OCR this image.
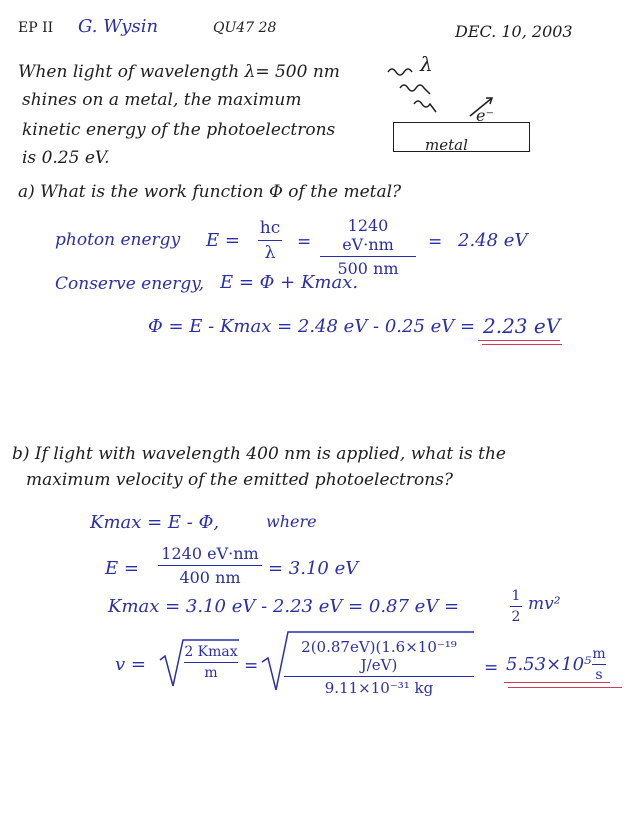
EP II G. Wysin	QU47 28	DEC. 10, 2003
When light of wavelength λ= 500 nm
shines on a metal, the maximum
kinetic energy of the photoelectrons
is 0.25 eV.
λ
e⁻
metal
a) What is the work function Φ of the metal?
photon energy E =
hc
λ
=
1240 eV·nm
500 nm
= 2.48 eV
Conserve energy, E = Φ + Kmax.
Φ = E - Kmax = 2.48 eV - 0.25 eV = 2.23 eV
b) If light with wavelength 400 nm is applied, what is the
maximum velocity of the emitted photoelectrons?
Kmax = E - Φ,	where
E =
1240 eV·nm
400 nm	= 3.10 eV
Kmax = 3.10 eV - 2.23 eV = 0.87 eV =	1
2
mv²
v =
2 Kmax
m	=
2(0.87eV)(1.6×10⁻¹⁹ J/eV)
9.11×10⁻³¹ kg
= 5.53×10⁵ m
s
